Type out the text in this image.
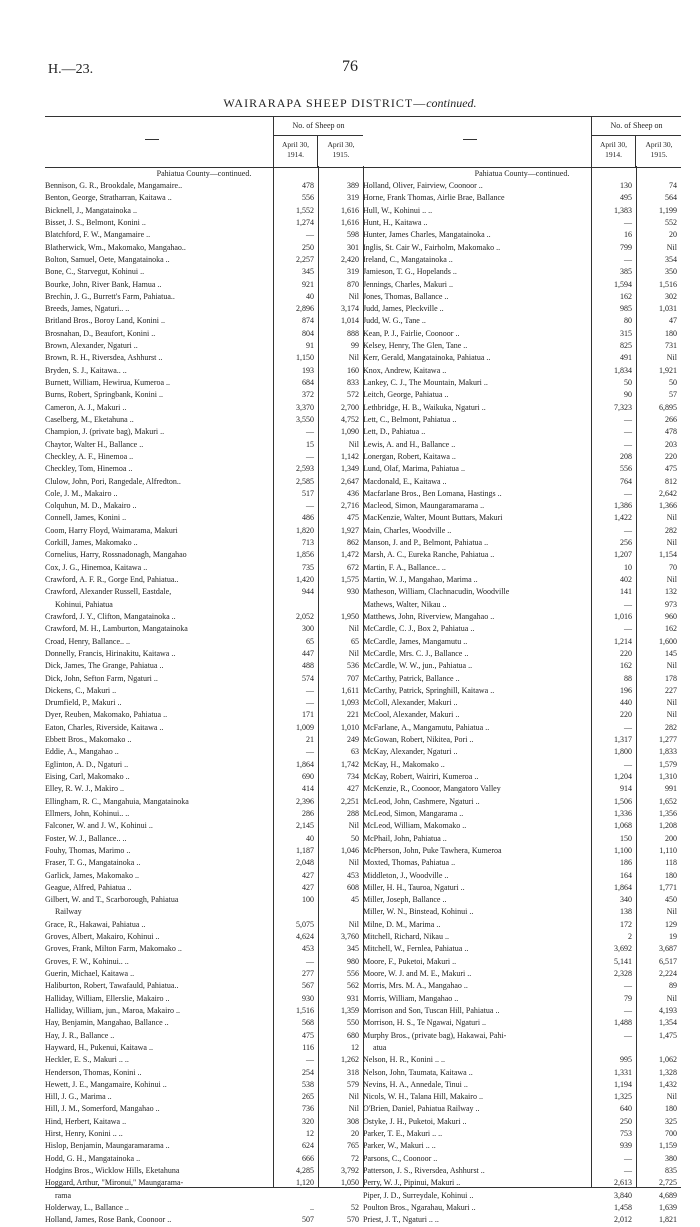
H.—23.	76
WAIRARAPA SHEEP DISTRICT—continued.
No. of Sheep on
April 30, 1914.
April 30, 1915.
Pahiatua County—continued.
Bennison, G. R., Brookdale, Mangamaire..	478	389
Benton, George, Stratharran, Kaitawa ..	556	319
Bicknell, J., Mangatainoka ..	1,552	1,616
Bisset, J. S., Belmont, Konini ..	1,274	1,616
Blatchford, F. W., Mangamaire ..	—	598
Blatherwick, Wm., Makomako, Mangahao..	250	301
Bolton, Samuel, Oete, Mangatainoka ..	2,257	2,420
Bone, C., Starvegut, Kohinui ..	345	319
Bourke, John, River Bank, Hamua ..	921	870
Brechin, J. G., Burrett's Farm, Pahiatua..	40	Nil
Breeds, James, Ngaturi.. ..	2,896	3,174
Britland Bros., Boroy Land, Konini ..	874	1,014
Brosnahan, D., Beaufort, Konini ..	804	888
Brown, Alexander, Ngaturi ..	91	99
Brown, R. H., Riversdea, Ashhurst ..	1,150	Nil
Bryden, S. J., Kaitawa.. ..	193	160
Burnett, William, Hewirua, Kumeroa ..	684	833
Burns, Robert, Springbank, Konini ..	372	572
Cameron, A. J., Makuri ..	3,370	2,700
Caselberg, M., Eketahuna ..	3,550	4,752
Champion, J. (private bag), Makuri ..	—	1,090
Chaytor, Walter H., Ballance ..	15	Nil
Checkley, A. F., Hinemoa ..	—	1,142
Checkley, Tom, Hinemoa ..	2,593	1,349
Clulow, John, Pori, Rangedale, Alfredton..	2,585	2,647
Cole, J. M., Makairo ..	517	436
Colquhun, M. D., Makairo ..	—	2,716
Connell, James, Konini ..	486	475
Coom, Harry Floyd, Waimarama, Makuri	1,820	1,927
Corkill, James, Makomako ..	713	862
Cornelius, Harry, Rossnadonagh, Mangahao	1,856	1,472
Cox, J. G., Hinemoa, Kaitawa ..	735	672
Crawford, A. F. R., Gorge End, Pahiatua..	1,420	1,575
Crawford, Alexander Russell, Eastdale,	944	930
Kohinui, Pahiatua
Crawford, J. Y., Clifton, Mangatainoka ..	2,052	1,950
Crawford, M. H., Lamburton, Mangatainoka	300	Nil
Croad, Henry, Ballance.. ..	65	65
Donnelly, Francis, Hirinakitu, Kaitawa ..	447	Nil
Dick, James, The Grange, Pahiatua ..	488	536
Dick, John, Sefton Farm, Ngaturi ..	574	707
Dickens, C., Makuri ..	—	1,611
Drumfield, P., Makuri ..	—	1,093
Dyer, Reuben, Makomako, Pahiatua ..	171	221
Eaton, Charles, Riverside, Kaitawa ..	1,009	1,010
Ebbett Bros., Makomako ..	21	249
Eddie, A., Mangahao ..	—	63
Eglinton, A. D., Ngaturi ..	1,864	1,742
Eising, Carl, Makomako ..	690	734
Elley, R. W. J., Makiro ..	414	427
Ellingham, R. C., Mangahuia, Mangatainoka	2,396	2,251
Ellmers, John, Kohinui.. ..	286	288
Falconer, W. and J. W., Kohinui ..	2,145	Nil
Foster, W. J., Ballance.. ..	40	50
Fouhy, Thomas, Marimo ..	1,187	1,046
Fraser, T. G., Mangatainoka ..	2,048	Nil
Garlick, James, Makomako ..	427	453
Geague, Alfred, Pahiatua ..	427	608
Gilbert, W. and T., Scarborough, Pahiatua	100	45
Railway
Grace, R., Hakawai, Pahiatua ..	5,075	Nil
Groves, Albert, Makairo, Kohinui ..	4,624	3,760
Groves, Frank, Milton Farm, Makomako ..	453	345
Groves, F. W., Kohinui.. ..	—	980
Guerin, Michael, Kaitawa ..	277	556
Haliburton, Robert, Tawafauld, Pahiatua..	567	562
Halliday, William, Ellerslie, Makairo ..	930	931
Halliday, William, jun., Maroa, Makairo ..	1,516	1,359
Hay, Benjamin, Mangahao, Ballance ..	568	550
Hay, J. R., Ballance ..	475	680
Hayward, H., Pukenui, Kaitawa ..	116	12
Heckler, E. S., Makuri .. ..	—	1,262
Henderson, Thomas, Konini ..	254	318
Hewett, J. E., Mangamaire, Kohinui ..	538	579
Hill, J. G., Marima ..	265	Nil
Hill, J. M., Somerford, Mangahao ..	736	Nil
Hind, Herbert, Kaitawa ..	320	308
Hirst, Henry, Konini .. ..	12	20
Hislop, Benjamin, Maungaramarama ..	624	765
Hodd, G. H., Mangatainoka ..	666	72
Hodgins Bros., Wicklow Hills, Eketahuna	4,285	3,792
Hoggard, Arthur, "Mironui," Maungarama-	1,120	1,050
rama
Holderway, L., Ballance ..	..	52
Holland, James, Rose Bank, Coonoor ..	507	570
No. of Sheep on
April 30, 1914.
April 30, 1915.
Pahiatua County—continued.
Holland, Oliver, Fairview, Coonoor ..	130	74
Horne, Frank Thomas, Airlie Brae, Ballance	495	564
Hull, W., Kohinui .. ..	1,383	1,199
Hunt, H., Kaitawa ..	—	552
Hunter, James Charles, Mangatainoka ..	16	20
Inglis, St. Cair W., Fairholm, Makomako ..	799	Nil
Ireland, C., Mangatainoka ..	—	354
Jamieson, T. G., Hopelands ..	385	350
Jennings, Charles, Makuri ..	1,594	1,516
Jones, Thomas, Ballance ..	162	302
Judd, James, Pleckville ..	985	1,031
Judd, W. G., Tane ..	80	47
Kean, P. J., Fairlie, Coonoor ..	315	180
Kelsey, Henry, The Glen, Tane ..	825	731
Kerr, Gerald, Mangatainoka, Pahiatua ..	491	Nil
Knox, Andrew, Kaitawa ..	1,834	1,921
Lankey, C. J., The Mountain, Makuri ..	50	50
Leitch, George, Pahiatua ..	90	57
Lethbridge, H. B., Waikuka, Ngaturi ..	7,323	6,895
Lett, C., Belmont, Pahiatua ..	—	266
Lett, D., Pahiatua ..	—	478
Lewis, A. and H., Ballance ..	—	203
Lonergan, Robert, Kaitawa ..	208	220
Lund, Olaf, Marima, Pahiatua ..	556	475
Macdonald, E., Kaitawa ..	764	812
Macfarlane Bros., Ben Lomana, Hastings ..	—	2,642
Macleod, Simon, Maungaramarama ..	1,386	1,366
MacKenzie, Walter, Mount Buttars, Makuri	1,422	Nil
Main, Charles, Woodville ..	—	282
Manson, J. and P., Belmont, Pahiatua ..	256	Nil
Marsh, A. C., Eureka Ranche, Pahiatua ..	1,207	1,154
Martin, F. A., Ballance.. ..	10	70
Martin, W. J., Mangahao, Marima ..	402	Nil
Matheson, William, Clachnacudin, Woodville	141	132
Mathews, Walter, Nikau ..	—	973
Matthews, John, Riverview, Mangahao ..	1,016	960
McCardle, C. J., Box 2, Pahiatua ..	—	162
McCardle, James, Mangamutu ..	1,214	1,600
McCardle, Mrs. C. J., Ballance ..	220	145
McCardle, W. W., jun., Pahiatua ..	162	Nil
McCarthy, Patrick, Ballance ..	88	178
McCarthy, Patrick, Springhill, Kaitawa ..	196	227
McColl, Alexander, Makuri ..	440	Nil
McCool, Alexander, Makuri ..	220	Nil
McFarlane, A., Mangamutu, Pahiatua ..	—	282
McGowan, Robert, Nikitea, Pori ..	1,317	1,277
McKay, Alexander, Ngaturi ..	1,800	1,833
McKay, H., Makomako ..	—	1,579
McKay, Robert, Wairiri, Kumeroa ..	1,204	1,310
McKenzie, R., Coonoor, Mangatoro Valley	914	991
McLeod, John, Cashmere, Ngaturi ..	1,506	1,652
McLeod, Simon, Mangarama ..	1,336	1,356
McLeod, William, Makomako ..	1,068	1,208
McPhail, John, Pahiatua ..	150	200
McPherson, John, Puke Tawhera, Kumeroa	1,100	1,110
Moxted, Thomas, Pahiatua ..	186	118
Middleton, J., Woodville ..	164	180
Miller, H. H., Tauroa, Ngaturi ..	1,864	1,771
Miller, Joseph, Ballance ..	340	450
Miller, W. N., Binstead, Kohinui ..	138	Nil
Milne, D. M., Marima ..	172	129
Mitchell, Richard, Nikau ..	2	19
Mitchell, W., Fernlea, Pahiatua ..	3,692	3,687
Moore, F., Puketoi, Makuri ..	5,141	6,517
Moore, W. J. and M. E., Makuri ..	2,328	2,224
Morris, Mrs. M. A., Mangahao ..	—	89
Morris, William, Mangahao ..	79	Nil
Morrison and Son, Tuscan Hill, Pahiatua ..	—	4,193
Morrison, H. S., Te Ngawai, Ngaturi ..	1,488	1,354
Murphy Bros., (private bag), Hakawai, Pahi-	—	1,475
atua
Nelson, H. R., Konini .. ..	995	1,062
Nelson, John, Taumata, Kaitawa ..	1,331	1,328
Nevins, H. A., Annedale, Tinui ..	1,194	1,432
Nicols, W. H., Talana Hill, Makairo ..	1,325	Nil
O'Brien, Daniel, Pahiatua Railway ..	640	180
Ostyke, J. H., Puketoi, Makuri ..	250	325
Parker, T. E., Makuri .. ..	753	700
Parker, W., Makuri .. ..	939	1,159
Parsons, C., Coonoor ..	—	380
Patterson, J. S., Riversdea, Ashhurst ..	—	835
Perry, W. J., Pipinui, Makuri ..	2,613	2,725
Piper, J. D., Surreydale, Kohinui ..	3,840	4,689
Poulton Bros., Ngarahau, Makuri ..	1,458	1,639
Priest, J. T., Ngaturi .. ..	2,012	1,821
